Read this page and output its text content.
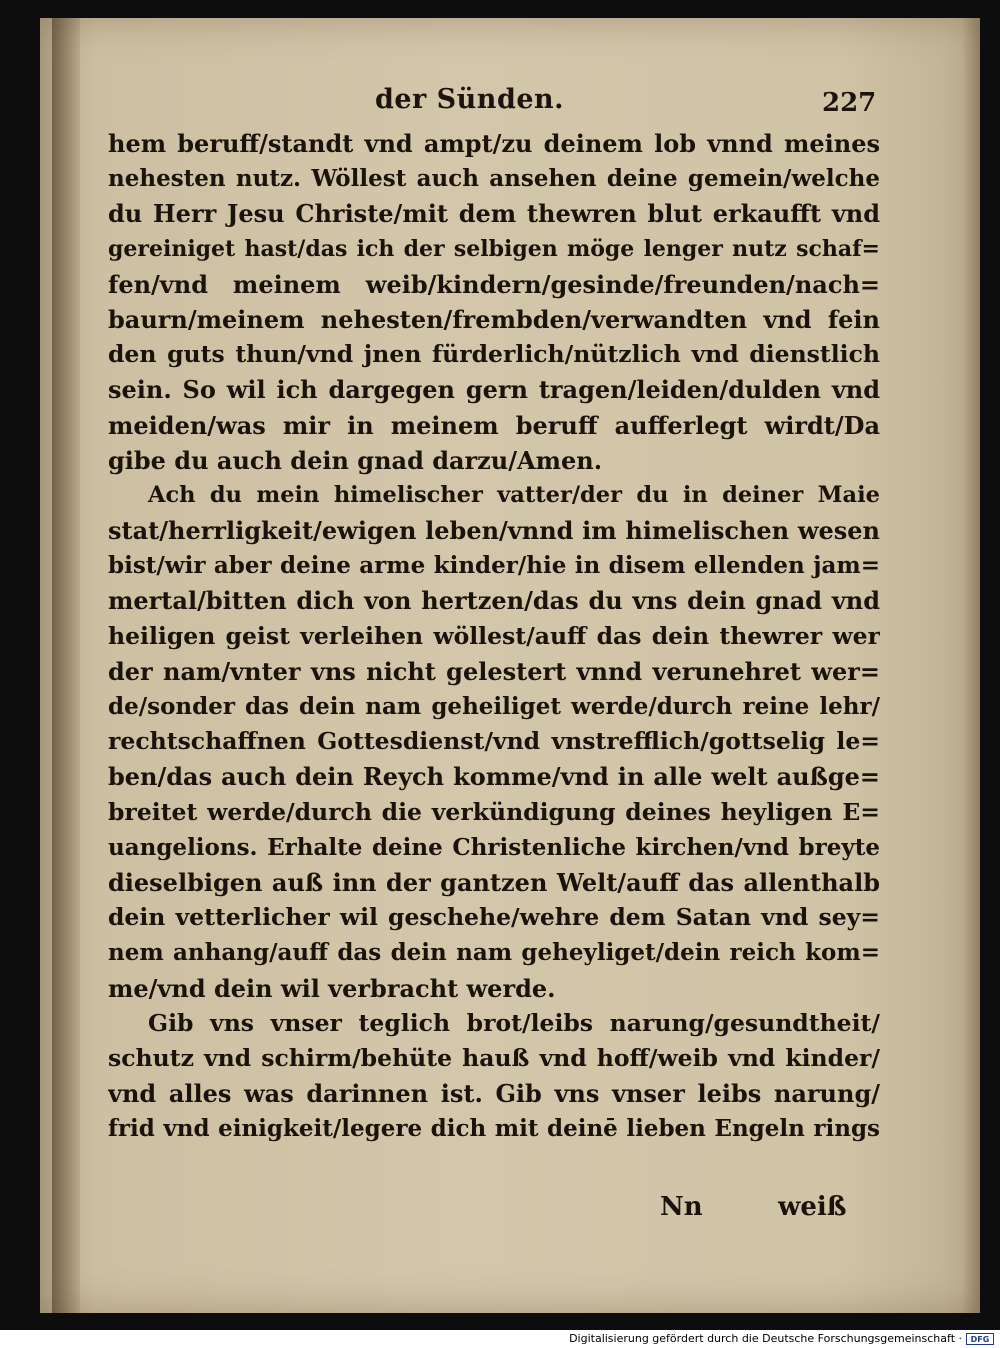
der Sünden.	227
hem beruff/standt vnd ampt/zu deinem lob vnnd meines
nehesten nutz. Wöllest auch ansehen deine gemein/welche
du Herr Jesu Christe/mit dem thewren blut erkaufft vnd
gereiniget hast/das ich der selbigen möge lenger nutz schaf=
fen/vnd meinem weib/kindern/gesinde/freunden/nach=
baurn/meinem nehesten/frembden/verwandten vnd fein
den guts thun/vnd jnen fürderlich/nützlich vnd dienstlich
sein. So wil ich dargegen gern tragen/leiden/dulden vnd
meiden/was mir in meinem beruff aufferlegt wirdt/Da
gibe du auch dein gnad darzu/Amen.
Ach du mein himelischer vatter/der du in deiner Maie
stat/herrligkeit/ewigen leben/vnnd im himelischen wesen
bist/wir aber deine arme kinder/hie in disem ellenden jam=
mertal/bitten dich von hertzen/das du vns dein gnad vnd
heiligen geist verleihen wöllest/auff das dein thewrer wer
der nam/vnter vns nicht gelestert vnnd verunehret wer=
de/sonder das dein nam geheiliget werde/durch reine lehr/
rechtschaffnen Gottesdienst/vnd vnstrefflich/gottselig le=
ben/das auch dein Reych komme/vnd in alle welt außge=
breitet werde/durch die verkündigung deines heyligen E=
uangelions. Erhalte deine Christenliche kirchen/vnd breyte
dieselbigen auß inn der gantzen Welt/auff das allenthalb
dein vetterlicher wil geschehe/wehre dem Satan vnd sey=
nem anhang/auff das dein nam geheyliget/dein reich kom=
me/vnd dein wil verbracht werde.
Gib vns vnser teglich brot/leibs narung/gesundtheit/
schutz vnd schirm/behüte hauß vnd hoff/weib vnd kinder/
vnd alles was darinnen ist. Gib vns vnser leibs narung/
frid vnd einigkeit/legere dich mit deinē lieben Engeln rings
Nn	weiß
Digitalisierung gefördert durch die Deutsche Forschungsgemeinschaft ·	DFG
